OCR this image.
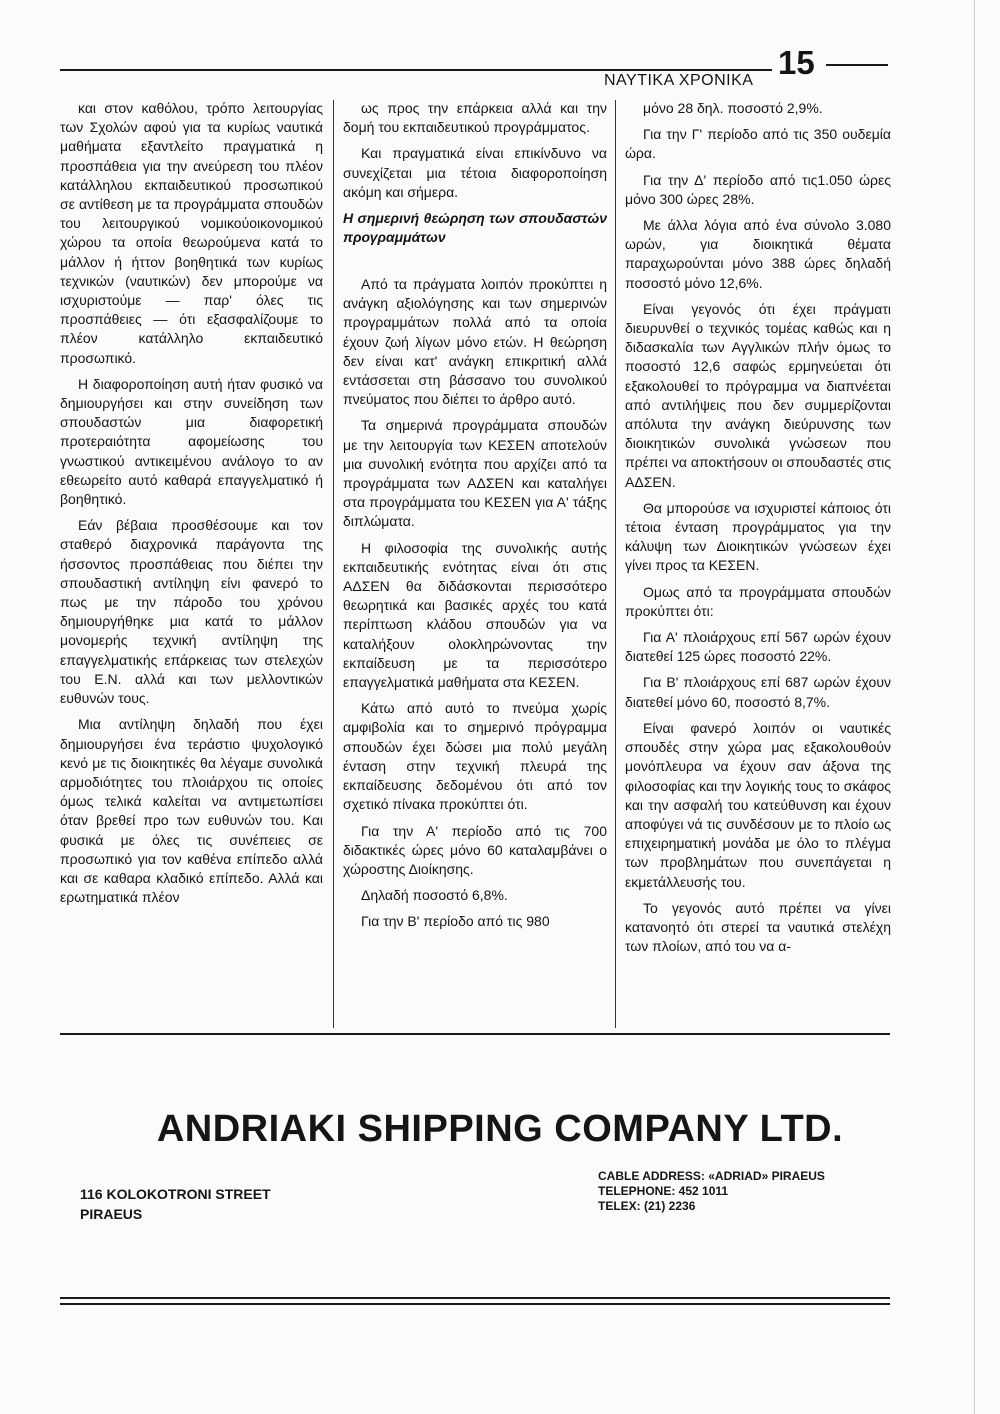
ΝΑΥΤΙΚΑ ΧΡΟΝΙΚΑ 15

και στον καθόλου, τρόπο λειτουργίας των Σχολών αφού για τα κυρίως ναυτικά μαθήματα εξαντλείτο πραγματικά η προσπάθεια για την ανεύρεση του πλέον κατάλληλου εκπαιδευτικού προσωπικού σε αντίθεση με τα προγράμματα σπουδών του λειτουργικού νομικούοικονομικού χώρου τα οποία θεωρούμενα κατά το μάλλον ή ήττον βοηθητικά των κυρίως τεχνικών (ναυτικών) δεν μπορούμε να ισχυριστούμε — παρ' όλες τις προσπάθειες — ότι εξασφαλίζουμε το πλέον κατάλληλο εκπαιδευτικό προσωπικό.

Η διαφοροποίηση αυτή ήταν φυσικό να δημιουργήσει και στην συνείδηση των σπουδαστών μια διαφορετική προτεραιότητα αφομείωσης του γνωστικού αντικειμένου ανάλογο το αν εθεωρείτο αυτό καθαρά επαγγελματικό ή βοηθητικό.

Εάν βέβαια προσθέσουμε και τον σταθερό διαχρονικά παράγοντα της ήσσοντος προσπάθειας που διέπει την σπουδαστική αντίληψη είνι φανερό το πως με την πάροδο του χρόνου δημιουργήθηκε μια κατά το μάλλον μονομερής τεχνική αντίληψη της επαγγελματικής επάρκειας των στελεχών του Ε.Ν. αλλά και των μελλοντικών ευθυνών τους.

Μια αντίληψη δηλαδή που έχει δημιουργήσει ένα τεράστιο ψυχολογικό κενό με τις διοικητικές θα λέγαμε συνολικά αρμοδιότητες του πλοιάρχου τις οποίες όμως τελικά καλείται να αντιμετωπίσει όταν βρεθεί προ των ευθυνών του. Και φυσικά με όλες τις συνέπειες σε προσωπικό για τον καθένα επίπεδο αλλά και σε καθαρα κλαδικό επίπεδο. Αλλά και ερωτηματικά πλέον

ως προς την επάρκεια αλλά και την δομή του εκπαιδευτικού προγράμματος.

Και πραγματικά είναι επικίνδυνο να συνεχίζεται μια τέτοια διαφοροποίηση ακόμη και σήμερα.

Η σημερινή θεώρηση των σπουδαστών προγραμμάτων

Από τα πράγματα λοιπόν προκύπτει η ανάγκη αξιολόγησης και των σημερινών προγραμμάτων πολλά από τα οποία έχουν ζωή λίγων μόνο ετών. Η θεώρηση δεν είναι κατ' ανάγκη επικριτική αλλά εντάσσεται στη βάσσανο του συνολικού πνεύματος που διέπει το άρθρο αυτό.

Τα σημερινά προγράμματα σπουδών με την λειτουργία των ΚΕΣΕΝ αποτελούν μια συνολική ενότητα που αρχίζει από τα προγράμματα των ΑΔΣΕΝ και καταλήγει στα προγράμματα του ΚΕΣΕΝ για Α' τάξης διπλώματα.

Η φιλοσοφία της συνολικής αυτής εκπαιδευτικής ενότητας είναι ότι στις ΑΔΣΕΝ θα διδάσκονται περισσότερο θεωρητικά και βασικές αρχές του κατά περίπτωση κλάδου σπουδών για να καταλήξουν ολοκληρώνοντας την εκπαίδευση με τα περισσότερο επαγγελματικά μαθήματα στα ΚΕΣΕΝ.

Κάτω από αυτό το πνεύμα χωρίς αμφιβολία και το σημερινό πρόγραμμα σπουδών έχει δώσει μια πολύ μεγάλη ένταση στην τεχνική πλευρά της εκπαίδευσης δεδομένου ότι από τον σχετικό πίνακα προκύπτει ότι.

Για την Α' περίοδο από τις 700 διδακτικές ώρες μόνο 60 καταλαμβάνει ο χώροστης Διοίκησης.

Δηλαδή ποσοστό 6,8%.

Για την Β' περίοδο από τις 980

μόνο 28 δηλ. ποσοστό 2,9%.

Για την Γ' περίοδο από τις 350 ουδεμία ώρα.

Για την Δ' περίοδο από τις1.050 ώρες μόνο 300 ώρες 28%.

Με άλλα λόγια από ένα σύνολο 3.080 ωρών, για διοικητικά θέματα παραχωρούνται μόνο 388 ώρες δηλαδή ποσοστό μόνο 12,6%.

Είναι γεγονός ότι έχει πράγματι διευρυνθεί ο τεχνικός τομέας καθώς και η διδασκαλία των Αγγλικών πλήν όμως το ποσοστό 12,6 σαφώς ερμηνεύεται ότι εξακολουθεί το πρόγραμμα να διαπνέεται από αντιλήψεις που δεν συμμερίζονται απόλυτα την ανάγκη διεύρυνσης των διοικητικών συνολικά γνώσεων που πρέπει να αποκτήσουν οι σπουδαστές στις ΑΔΣΕΝ.

Θα μπορούσε να ισχυριστεί κάποιος ότι τέτοια ένταση προγράμματος για την κάλυψη των Διοικητικών γνώσεων έχει γίνει προς τα ΚΕΣΕΝ.

Ομως από τα προγράμματα σπουδών προκύπτει ότι:

Για Α' πλοιάρχους επί 567 ωρών έχουν διατεθεί 125 ώρες ποσοστό 22%.

Για Β' πλοιάρχους επί 687 ωρών έχουν διατεθεί μόνο 60, ποσοστό 8,7%.

Είναι φανερό λοιπόν οι ναυτικές σπουδές στην χώρα μας εξακολουθούν μονόπλευρα να έχουν σαν άξονα της φιλοσοφίας και την λογικής τους το σκάφος και την ασφαλή του κατεύθυνση και έχουν αποφύγει νά τις συνδέσουν με το πλοίο ως επιχειρηματική μονάδα με όλο το πλέγμα των προβλημάτων που συνεπάγεται η εκμετάλλευσής του.

Το γεγονός αυτό πρέπει να γίνει κατανοητό ότι στερεί τα ναυτικά στελέχη των πλοίων, από του να α-

ANDRIAKI SHIPPING COMPANY LTD.
116 KOLOKOTRONI STREET
PIRAEUS
CABLE ADDRESS: «ADRIAD» PIRAEUS
TELEPHONE: 452 1011
TELEX: (21) 2236
